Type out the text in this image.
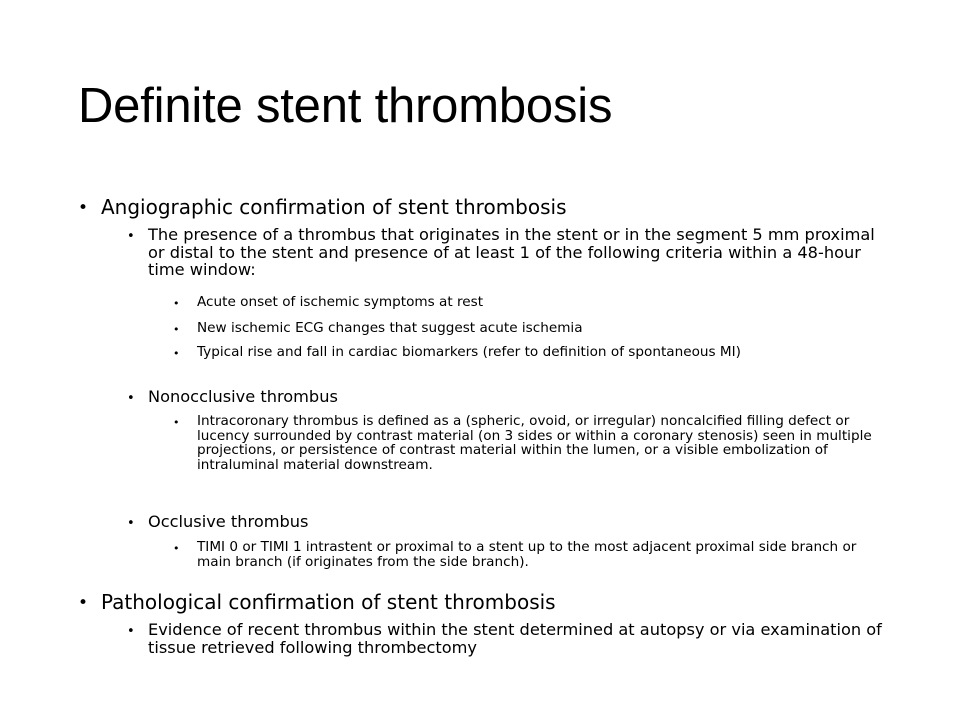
Definite stent thrombosis
• Angiographic confirmation of stent thrombosis

• The presence of a thrombus that originates in the stent or in the segment 5 mm proximal or distal to the stent and presence of at least 1 of the following criteria within a 48-hour time window:

• Acute onset of ischemic symptoms at rest

• New ischemic ECG changes that suggest acute ischemia

• Typical rise and fall in cardiac biomarkers (refer to definition of spontaneous MI)

• Nonocclusive thrombus

• Intracoronary thrombus is defined as a (spheric, ovoid, or irregular) noncalcified filling defect or lucency surrounded by contrast material (on 3 sides or within a coronary stenosis) seen in multiple projections, or persistence of contrast material within the lumen, or a visible embolization of intraluminal material downstream.

• Occlusive thrombus

• TIMI 0 or TIMI 1 intrastent or proximal to a stent up to the most adjacent proximal side branch or main branch (if originates from the side branch).

• Pathological confirmation of stent thrombosis

• Evidence of recent thrombus within the stent determined at autopsy or via examination of tissue retrieved following thrombectomy
